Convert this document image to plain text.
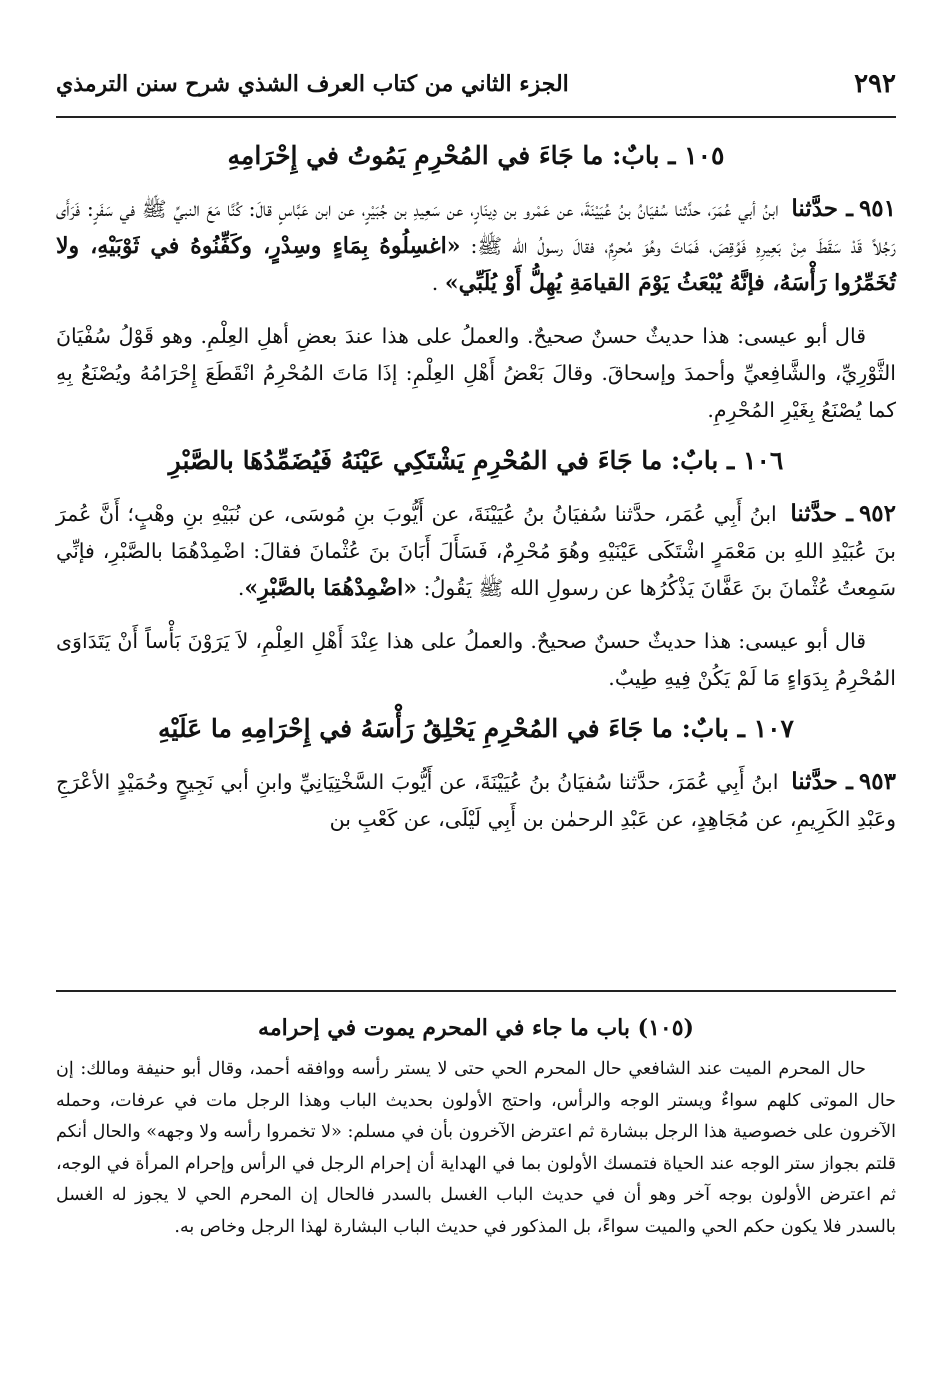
٢٩٢
الجزء الثاني من كتاب العرف الشذي شرح سنن الترمذي
١٠٥ ـ بابٌ: ما جَاءَ في المُحْرِمِ يَمُوتُ في إِحْرَامِهِ

٩٥١ـ حدَّثنا ابنُ أبي عُمَرَ، حدَّثنا سُفيَانُ بنُ عُيَيْنَةَ، عن عَمْرو بن دِينَارٍ، عن سَعِيدِ بن جُبَيْرٍ، عن ابن عَبَّاسٍ قالَ: كُنَّا مَعَ النبيِّ ﷺ في سَفَرٍ: فَرَأَى رَجُلاً قَدْ سَقَطَ مِنْ بَعِيرِهِ فَوُقِصَ، فَمَاتَ وهُوَ مُحرِمٌ، فقالَ رسولُ الله ﷺ: «اغسِلُوهُ بِمَاءٍ وسِدْرٍ، وكَفِّنُوهُ في ثَوْبَيْهِ، ولا تُخَمِّرُوا رَأْسَهُ، فإنَّهُ يُبْعَثُ يَوْمَ القيامَةِ يُهِلُّ أَوْ يُلَبِّي» .

قال أبو عيسى: هذا حديثٌ حسنٌ صحيحٌ. والعملُ على هذا عندَ بعضِ أهلِ العِلْمِ. وهو قَوْلُ سُفْيَانَ الثَّوْرِيِّ، والشَّافِعيِّ وأحمدَ وإسحاقَ. وقالَ بَعْضُ أَهْلِ العِلْمِ: إذَا مَاتَ المُحْرِمُ انْقَطَعَ إِحْرَامُهُ ويُصْنَعُ بِهِ كما يُصْنَعُ بِغَيْرِ المُحْرِمِ.

١٠٦ ـ بابٌ: ما جَاءَ في المُحْرِمِ يَشْتَكِي عَيْنَهُ فَيُضَمِّدُهَا بالصَّبْرِ

٩٥٢ـ حدَّثنا ابنُ أَبِي عُمَر، حدَّثنا سُفيَانُ بنُ عُيَيْنَةَ، عن أَيُّوبَ بنِ مُوسَى، عن نُبَيْهِ بنِ وهْبٍ؛ أَنَّ عُمرَ بنَ عُبَيْدِ اللهِ بن مَعْمَرٍ اشْتَكَى عَيْنَيْهِ وهُوَ مُحْرِمٌ، فَسَأَلَ أَبَانَ بنَ عُثْمانَ فقالَ: اضْمِدْهُمَا بالصَّبْرِ، فإنِّي سَمِعتُ عُثْمانَ بنَ عَفَّانَ يَذْكُرُها عن رسولِ الله ﷺ يَقُولُ: «اضْمِدْهُمَا بالصَّبْرِ».

قال أبو عيسى: هذا حديثٌ حسنٌ صحيحٌ. والعملُ على هذا عِنْدَ أَهْلِ العِلْمِ، لاَ يَرَوْنَ بَأْساً أَنْ يَتَدَاوَى المُحْرِمُ بِدَوَاءٍ مَا لَمْ يَكُنْ فِيهِ طِيبٌ.

١٠٧ ـ بابٌ: ما جَاءَ في المُحْرِمِ يَحْلِقُ رَأْسَهُ في إِحْرَامِهِ ما عَلَيْهِ

٩٥٣ـ حدَّثنا ابنُ أَبِي عُمَرَ، حدَّثنا سُفيَانُ بنُ عُيَيْنَةَ، عن أَيُّوبَ السَّخْتِيَانِيِّ وابنِ أبي نَجِيحٍ وحُمَيْدٍ الأعْرَجِ وعَبْدِ الكَرِيمِ، عن مُجَاهِدٍ، عن عَبْدِ الرحمٰن بن أَبِي لَيْلَى، عن كَعْبِ بن

(١٠٥) باب ما جاء في المحرم يموت في إحرامه

حال المحرم الميت عند الشافعي حال المحرم الحي حتى لا يستر رأسه ووافقه أحمد، وقال أبو حنيفة ومالك: إن حال الموتى كلهم سواءٌ ويستر الوجه والرأس، واحتج الأولون بحديث الباب وهذا الرجل مات في عرفات، وحمله الآخرون على خصوصية هذا الرجل ببشارة ثم اعترض الآخرون بأن في مسلم: «لا تخمروا رأسه ولا وجهه» والحال أنكم قلتم بجواز ستر الوجه عند الحياة فتمسك الأولون بما في الهداية أن إحرام الرجل في الرأس وإحرام المرأة في الوجه، ثم اعترض الأولون بوجه آخر وهو أن في حديث الباب الغسل بالسدر فالحال إن المحرم الحي لا يجوز له الغسل بالسدر فلا يكون حكم الحي والميت سواءً، بل المذكور في حديث الباب البشارة لهذا الرجل وخاص به.
